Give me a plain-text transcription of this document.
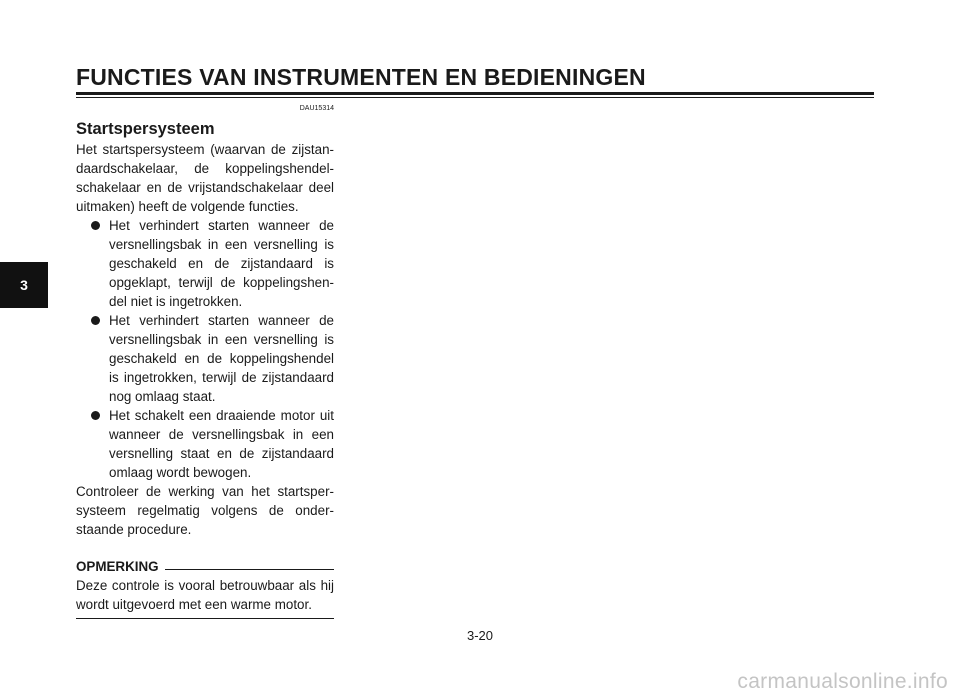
FUNCTIES VAN INSTRUMENTEN EN BEDIENINGEN
3
DAU15314
Startspersysteem

Het startspersysteem (waarvan de zijstan- daardschakelaar, de koppelingshendel- schakelaar en de vrijstandschakelaar deel uitmaken) heeft de volgende functies.

Het verhindert starten wanneer de versnellingsbak in een versnelling is geschakeld en de zijstandaard is opgeklapt, terwijl de koppelingshen- del niet is ingetrokken.
Het verhindert starten wanneer de versnellingsbak in een versnelling is geschakeld en de koppelingshendel is ingetrokken, terwijl de zijstandaard nog omlaag staat.
Het schakelt een draaiende motor uit wanneer de versnellingsbak in een versnelling staat en de zijstandaard omlaag wordt bewogen.

Controleer de werking van het startsper- systeem regelmatig volgens de onder- staande procedure.

OPMERKING

Deze controle is vooral betrouwbaar als hij wordt uitgevoerd met een warme motor.

3-20
carmanualsonline.info
